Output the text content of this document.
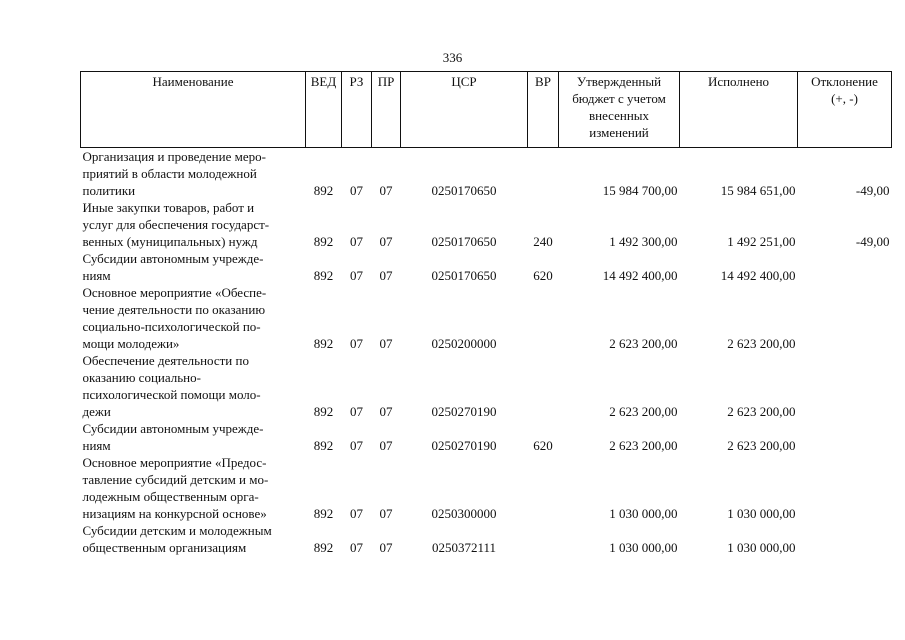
336
Наименование	ВЕД	РЗ	ПР	ЦСР	ВР	Утвержденный
бюджет с учетом
внесенных
изменений	Исполнено	Отклонение
(+, -)

Организация и проведение меро-
приятий в области молодежной
политики	892	07	07	0250170650		15 984 700,00	15 984 651,00	-49,00

Иные закупки товаров, работ и
услуг для обеспечения государст-
венных (муниципальных) нужд	892	07	07	0250170650	240	1 492 300,00	1 492 251,00	-49,00

Субсидии автономным учрежде-
ниям	892	07	07	0250170650	620	14 492 400,00	14 492 400,00	

Основное мероприятие «Обеспе-
чение деятельности по оказанию
социально-психологической по-
мощи молодежи»	892	07	07	0250200000		2 623 200,00	2 623 200,00	

Обеспечение деятельности по
оказанию социально-
психологической помощи моло-
дежи	892	07	07	0250270190		2 623 200,00	2 623 200,00	

Субсидии автономным учрежде-
ниям	892	07	07	0250270190	620	2 623 200,00	2 623 200,00	

Основное мероприятие «Предос-
тавление субсидий детским и мо-
лодежным общественным орга-
низациям на конкурсной основе»	892	07	07	0250300000		1 030 000,00	1 030 000,00	

Субсидии детским и молодежным
общественным организациям	892	07	07	0250372111		1 030 000,00	1 030 000,00	
